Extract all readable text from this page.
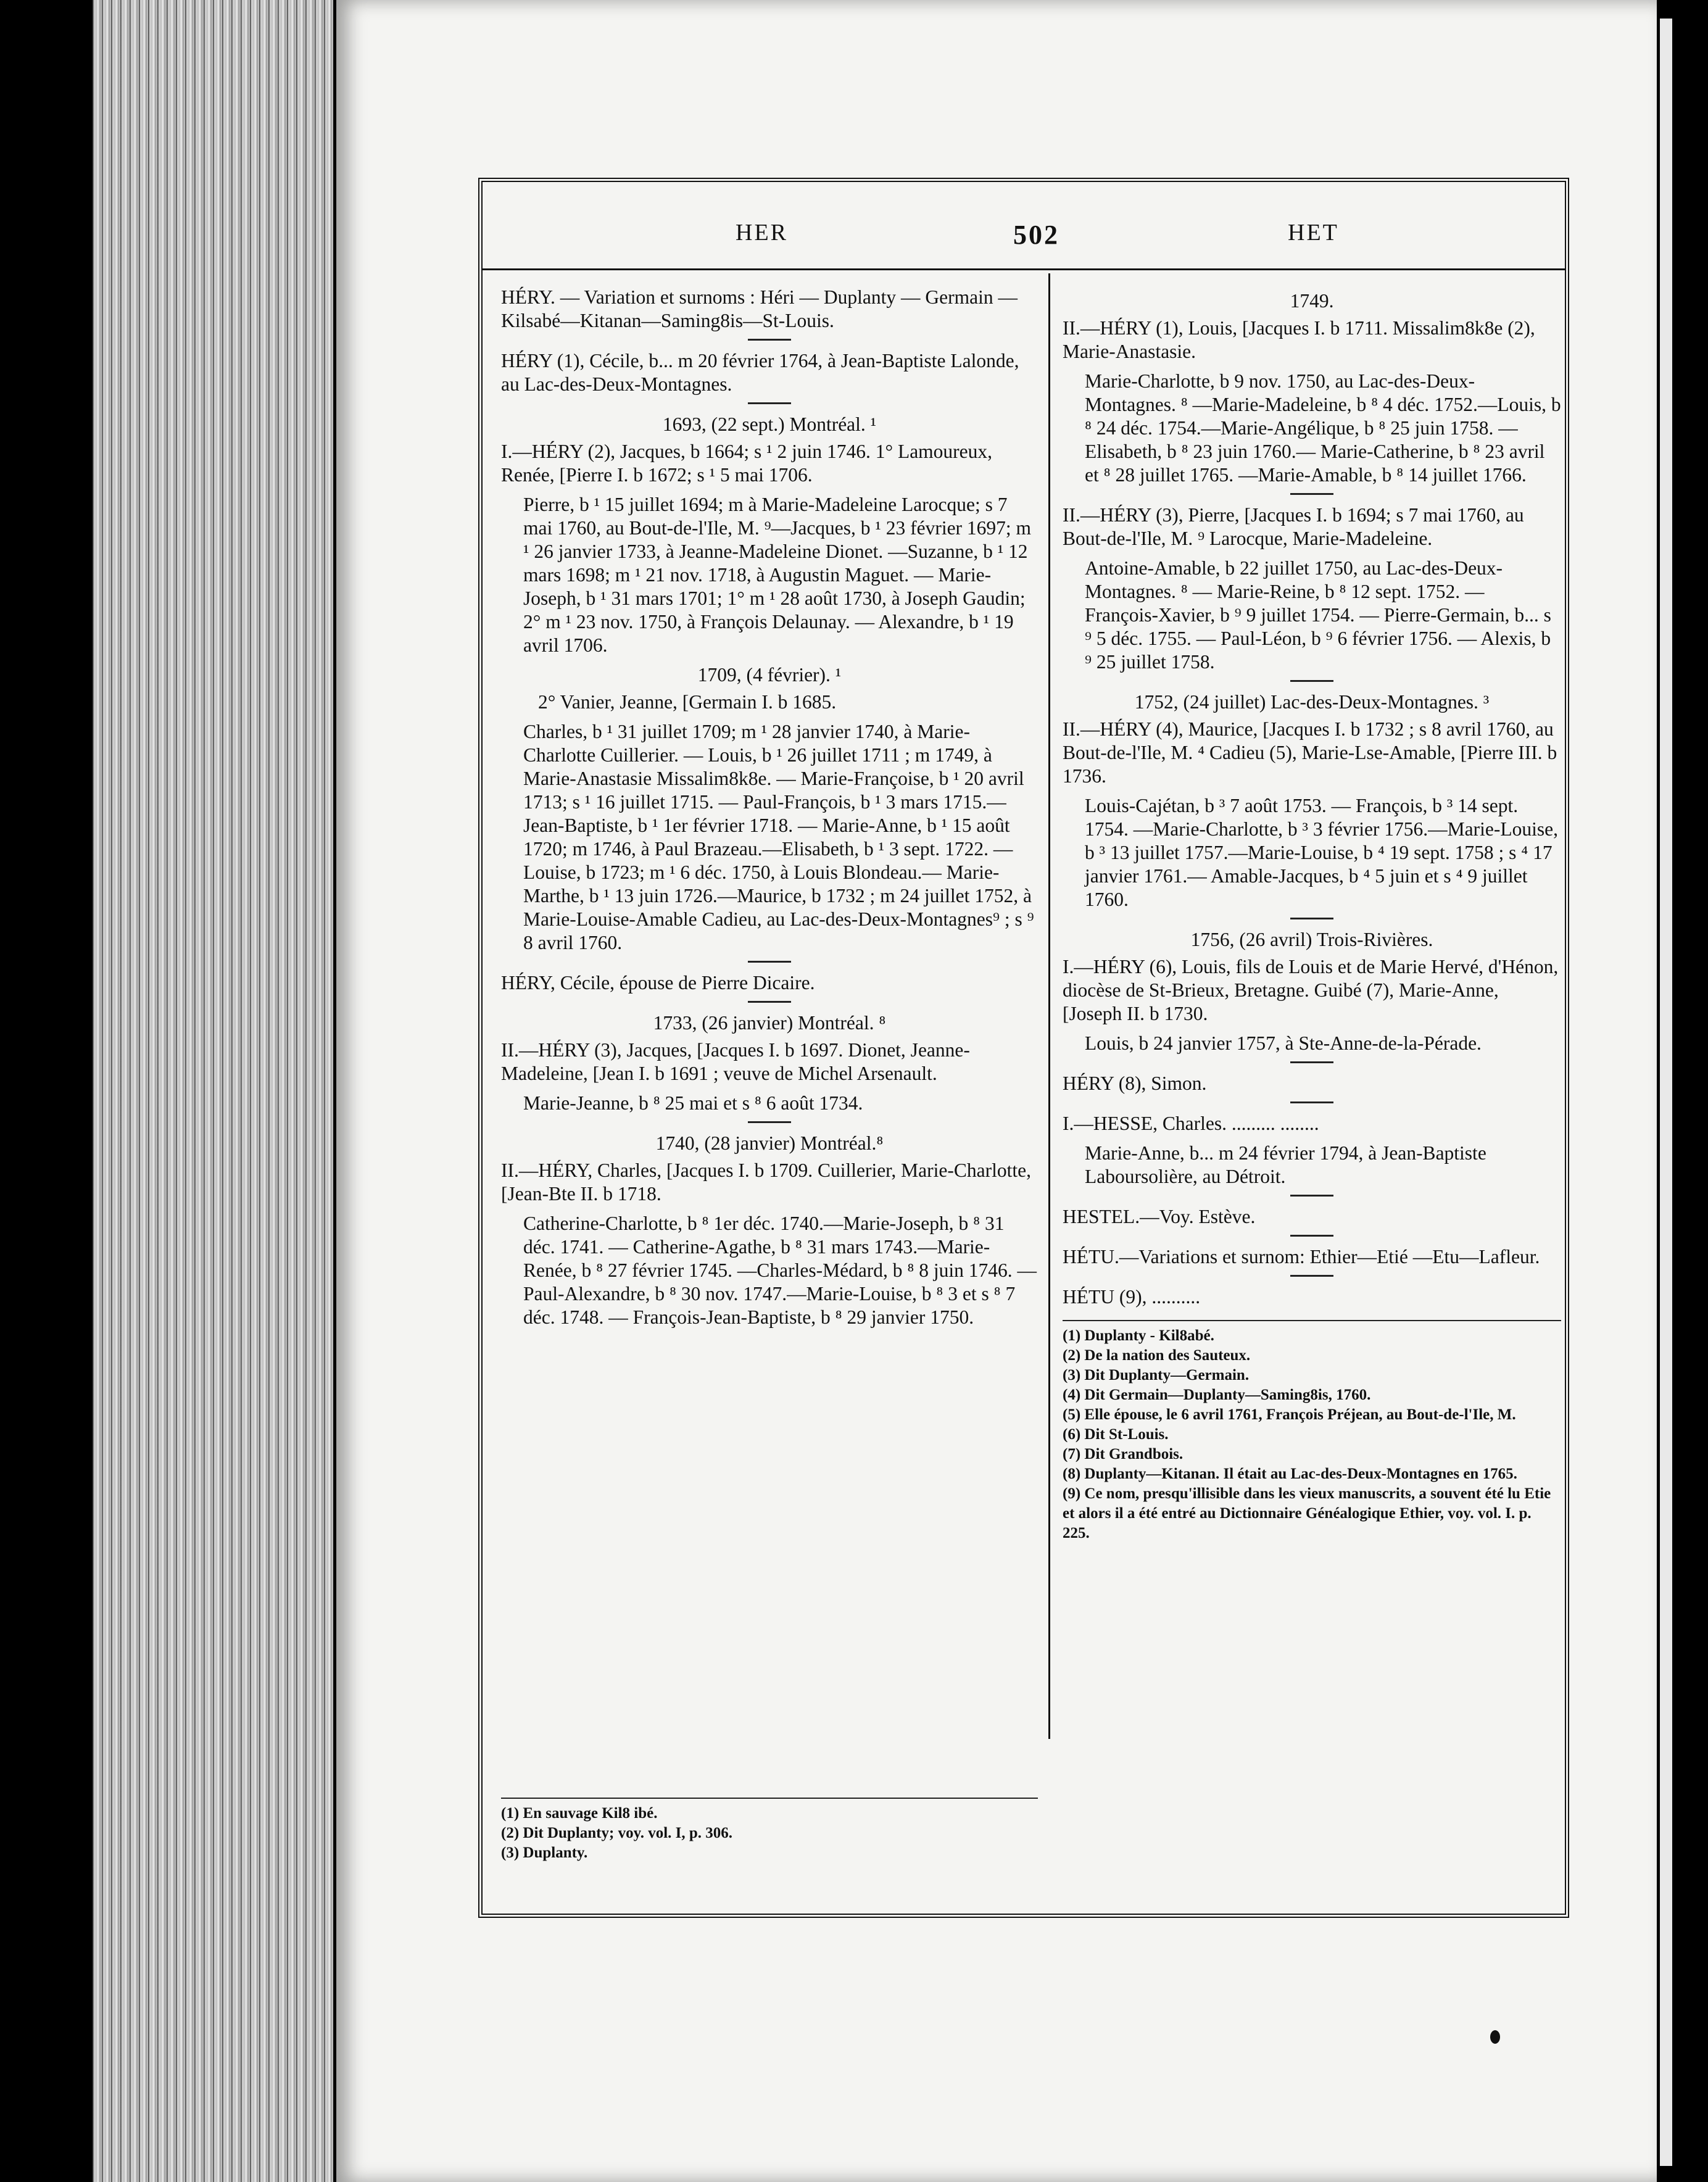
HER	502	HET

HÉRY. — Variation et surnoms : Héri — Duplanty — Germain — Kilsabé—Kitanan—Saming8is—St-Louis.

HÉRY (1), Cécile, b... m 20 février 1764, à Jean-Baptiste Lalonde, au Lac-des-Deux-Montagnes.

1693, (22 sept.) Montréal. ¹

I.—HÉRY (2), Jacques, b 1664; s ¹ 2 juin 1746. 1° Lamoureux, Renée, [Pierre I. b 1672; s ¹ 5 mai 1706.

Pierre, b ¹ 15 juillet 1694; m à Marie-Madeleine Larocque; s 7 mai 1760, au Bout-de-l'Ile, M. ⁹—Jacques, b ¹ 23 février 1697; m ¹ 26 janvier 1733, à Jeanne-Madeleine Dionet. —Suzanne, b ¹ 12 mars 1698; m ¹ 21 nov. 1718, à Augustin Maguet. — Marie-Joseph, b ¹ 31 mars 1701; 1° m ¹ 28 août 1730, à Joseph Gaudin; 2° m ¹ 23 nov. 1750, à François Delaunay. — Alexandre, b ¹ 19 avril 1706.

1709, (4 février). ¹

2° Vanier, Jeanne, [Germain I. b 1685.

Charles, b ¹ 31 juillet 1709; m ¹ 28 janvier 1740, à Marie-Charlotte Cuillerier. — Louis, b ¹ 26 juillet 1711 ; m 1749, à Marie-Anastasie Missalim8k8e. — Marie-Françoise, b ¹ 20 avril 1713; s ¹ 16 juillet 1715. — Paul-François, b ¹ 3 mars 1715.— Jean-Baptiste, b ¹ 1er février 1718. — Marie-Anne, b ¹ 15 août 1720; m 1746, à Paul Brazeau.—Elisabeth, b ¹ 3 sept. 1722. —Louise, b 1723; m ¹ 6 déc. 1750, à Louis Blondeau.— Marie-Marthe, b ¹ 13 juin 1726.—Maurice, b 1732 ; m 24 juillet 1752, à Marie-Louise-Amable Cadieu, au Lac-des-Deux-Montagnes⁹ ; s ⁹ 8 avril 1760.

HÉRY, Cécile, épouse de Pierre Dicaire.

1733, (26 janvier) Montréal. ⁸

II.—HÉRY (3), Jacques, [Jacques I. b 1697. Dionet, Jeanne-Madeleine, [Jean I. b 1691 ; veuve de Michel Arsenault.

Marie-Jeanne, b ⁸ 25 mai et s ⁸ 6 août 1734.

1740, (28 janvier) Montréal.⁸

II.—HÉRY, Charles, [Jacques I. b 1709. Cuillerier, Marie-Charlotte, [Jean-Bte II. b 1718.

Catherine-Charlotte, b ⁸ 1er déc. 1740.—Marie-Joseph, b ⁸ 31 déc. 1741. — Catherine-Agathe, b ⁸ 31 mars 1743.—Marie-Renée, b ⁸ 27 février 1745. —Charles-Médard, b ⁸ 8 juin 1746. — Paul-Alexandre, b ⁸ 30 nov. 1747.—Marie-Louise, b ⁸ 3 et s ⁸ 7 déc. 1748. — François-Jean-Baptiste, b ⁸ 29 janvier 1750.

(1) En sauvage Kil8 ibé.

(2) Dit Duplanty; voy. vol. I, p. 306.

(3) Duplanty.

1749.

II.—HÉRY (1), Louis, [Jacques I. b 1711. Missalim8k8e (2), Marie-Anastasie.

Marie-Charlotte, b 9 nov. 1750, au Lac-des-Deux-Montagnes. ⁸ —Marie-Madeleine, b ⁸ 4 déc. 1752.—Louis, b ⁸ 24 déc. 1754.—Marie-Angélique, b ⁸ 25 juin 1758. — Elisabeth, b ⁸ 23 juin 1760.— Marie-Catherine, b ⁸ 23 avril et ⁸ 28 juillet 1765. —Marie-Amable, b ⁸ 14 juillet 1766.

II.—HÉRY (3), Pierre, [Jacques I. b 1694; s 7 mai 1760, au Bout-de-l'Ile, M. ⁹ Larocque, Marie-Madeleine.

Antoine-Amable, b 22 juillet 1750, au Lac-des-Deux-Montagnes. ⁸ — Marie-Reine, b ⁸ 12 sept. 1752. — François-Xavier, b ⁹ 9 juillet 1754. — Pierre-Germain, b... s ⁹ 5 déc. 1755. — Paul-Léon, b ⁹ 6 février 1756. — Alexis, b ⁹ 25 juillet 1758.

1752, (24 juillet) Lac-des-Deux-Montagnes. ³

II.—HÉRY (4), Maurice, [Jacques I. b 1732 ; s 8 avril 1760, au Bout-de-l'Ile, M. ⁴ Cadieu (5), Marie-Lse-Amable, [Pierre III. b 1736.

Louis-Cajétan, b ³ 7 août 1753. — François, b ³ 14 sept. 1754. —Marie-Charlotte, b ³ 3 février 1756.—Marie-Louise, b ³ 13 juillet 1757.—Marie-Louise, b ⁴ 19 sept. 1758 ; s ⁴ 17 janvier 1761.— Amable-Jacques, b ⁴ 5 juin et s ⁴ 9 juillet 1760.

1756, (26 avril) Trois-Rivières.

I.—HÉRY (6), Louis, fils de Louis et de Marie Hervé, d'Hénon, diocèse de St-Brieux, Bretagne. Guibé (7), Marie-Anne, [Joseph II. b 1730.

Louis, b 24 janvier 1757, à Ste-Anne-de-la-Pérade.

HÉRY (8), Simon.

I.—HESSE, Charles. ......... ........

Marie-Anne, b... m 24 février 1794, à Jean-Baptiste Laboursolière, au Détroit.

HESTEL.—Voy. Estève.

HÉTU.—Variations et surnom: Ethier—Etié —Etu—Lafleur.

HÉTU (9), ..........

(1) Duplanty - Kil8abé.

(2) De la nation des Sauteux.

(3) Dit Duplanty—Germain.

(4) Dit Germain—Duplanty—Saming8is, 1760.

(5) Elle épouse, le 6 avril 1761, François Préjean, au Bout-de-l'Ile, M.

(6) Dit St-Louis.

(7) Dit Grandbois.

(8) Duplanty—Kitanan. Il était au Lac-des-Deux-Montagnes en 1765.

(9) Ce nom, presqu'illisible dans les vieux manuscrits, a souvent été lu Etie et alors il a été entré au Dictionnaire Généalogique Ethier, voy. vol. I. p. 225.
